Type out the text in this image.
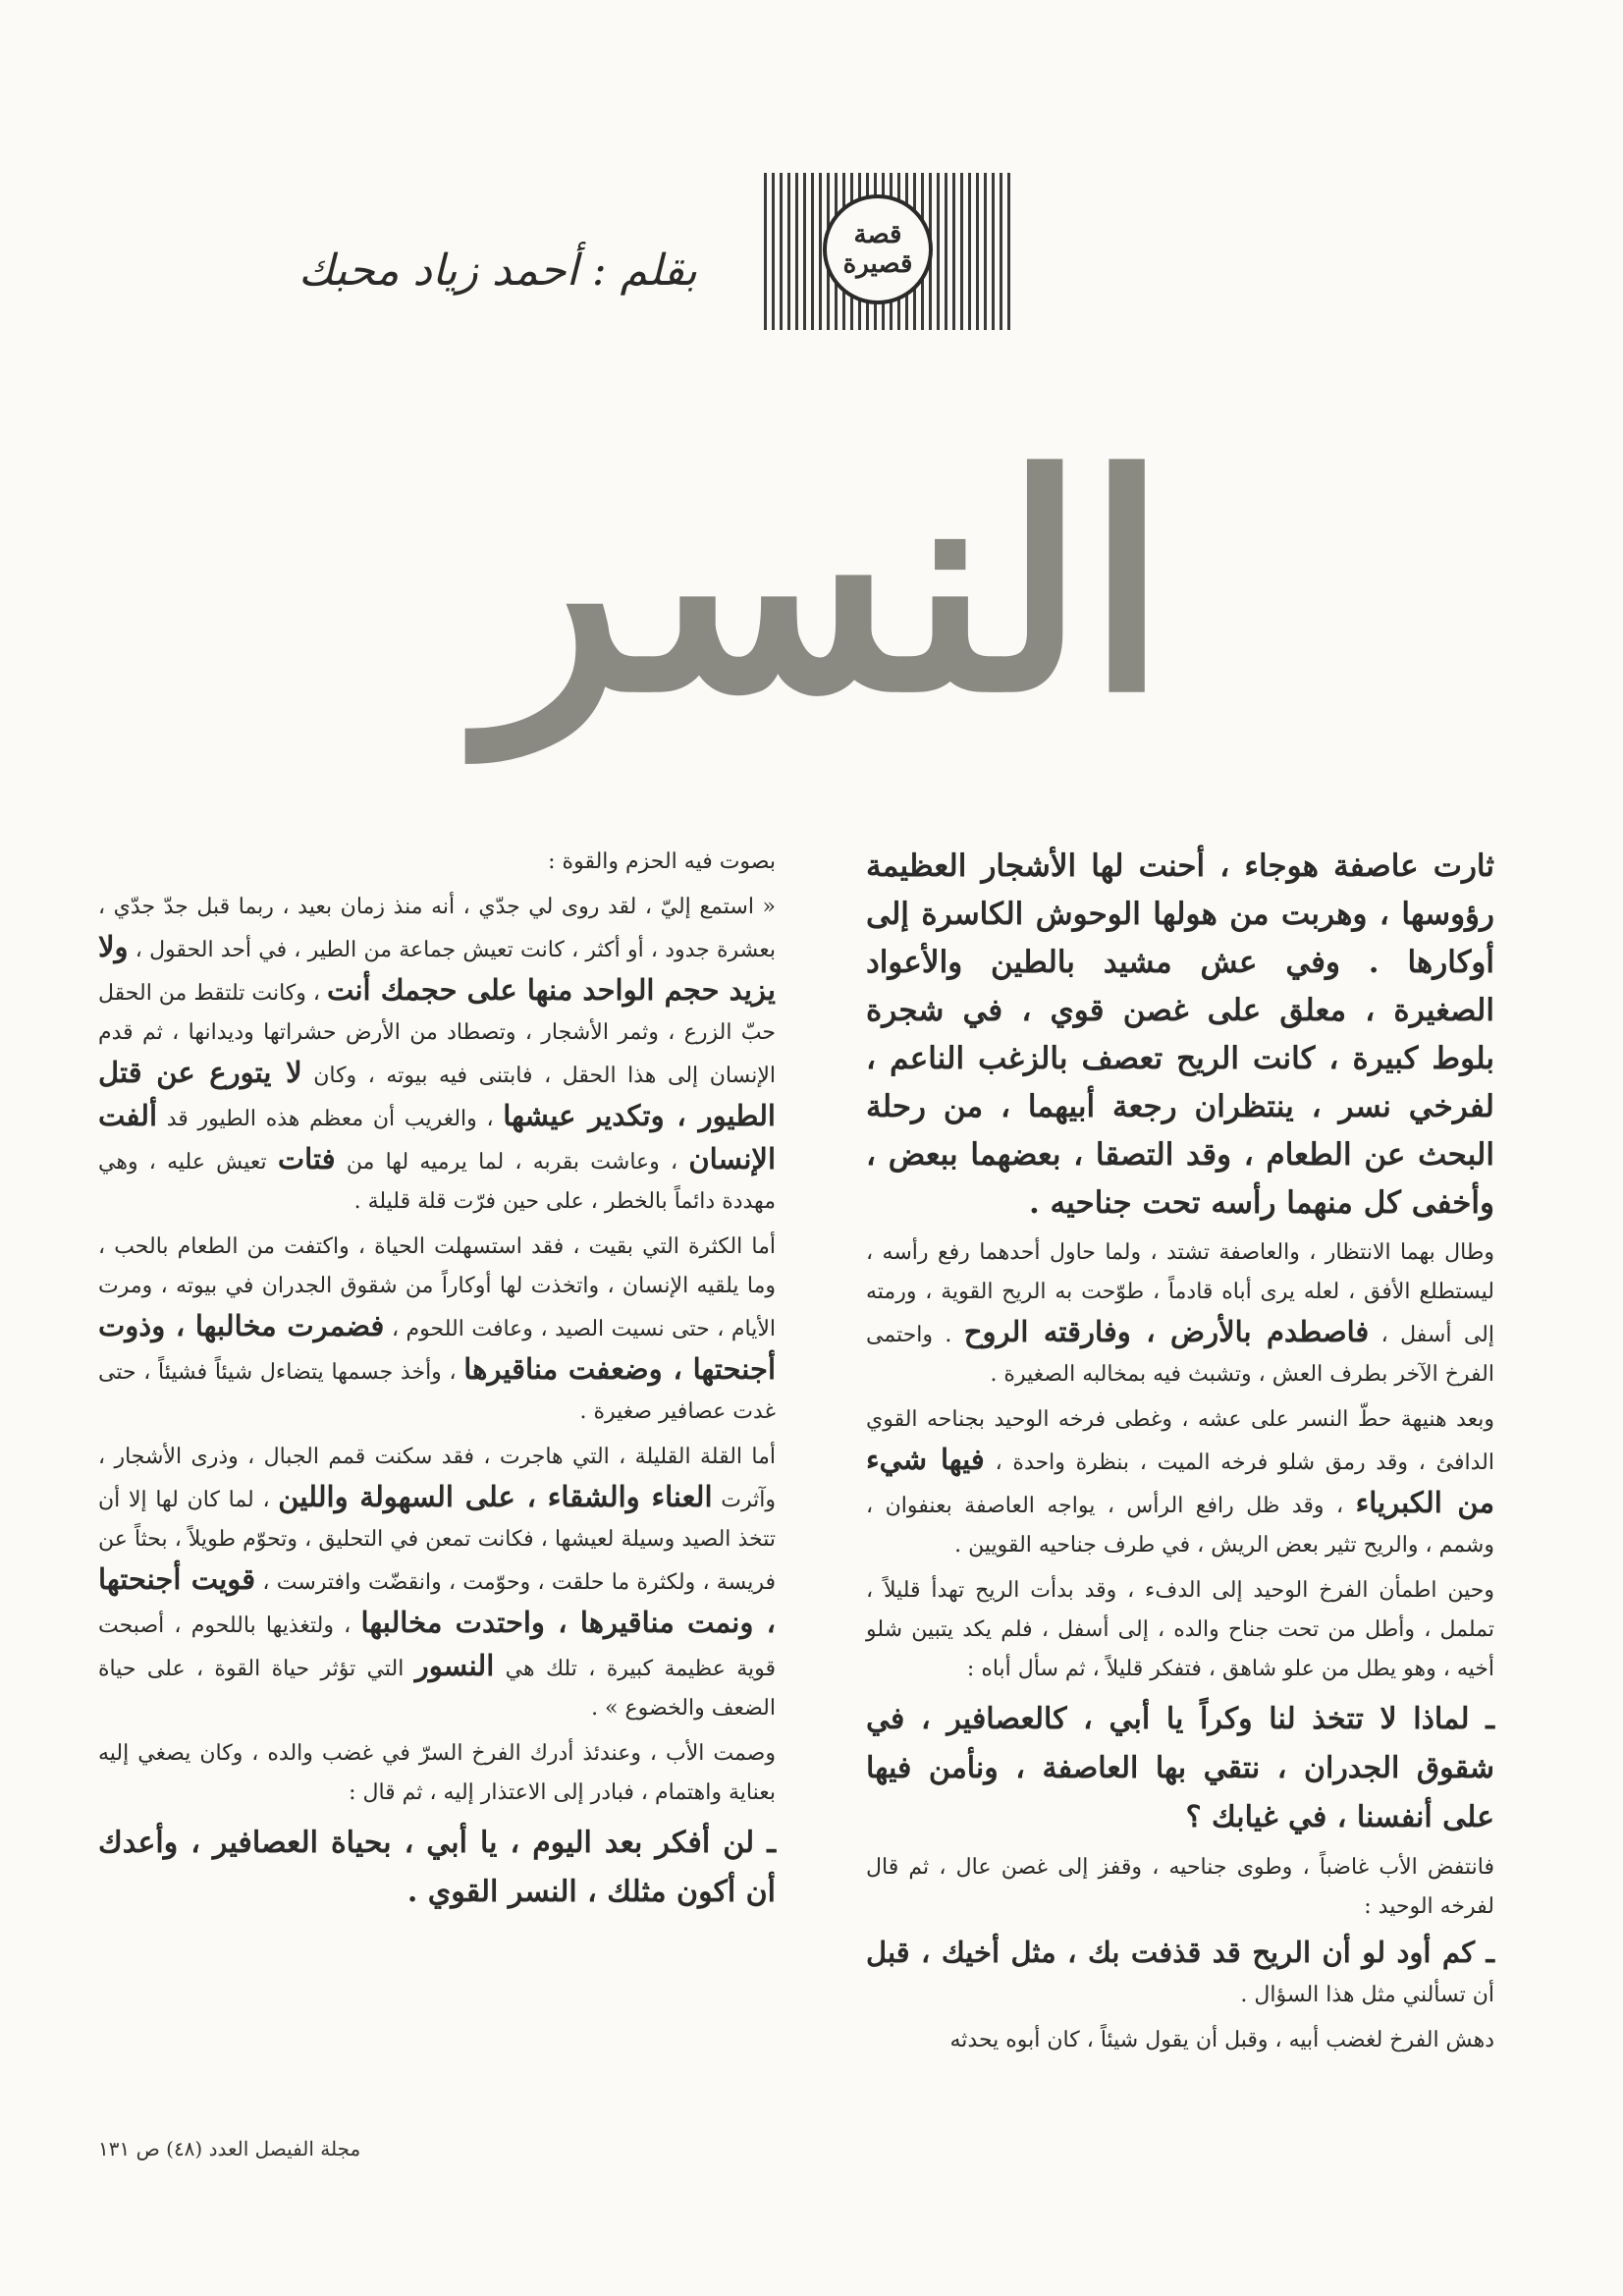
قصة
قصيرة
بقلم : أحمد زياد محبك
النسر

ثارت عاصفة هوجاء ، أحنت لها الأشجار العظيمة رؤوسها ، وهربت من هولها الوحوش الكاسرة إلى أوكارها . وفي عش مشيد بالطين والأعواد الصغيرة ، معلق على غصن قوي ، في شجرة بلوط كبيرة ، كانت الريح تعصف بالزغب الناعم ، لفرخي نسر ، ينتظران رجعة أبيهما ، من رحلة البحث عن الطعام ، وقد التصقا ، بعضهما ببعض ، وأخفى كل منهما رأسه تحت جناحيه .

وطال بهما الانتظار ، والعاصفة تشتد ، ولما حاول أحدهما رفع رأسه ، ليستطلع الأفق ، لعله يرى أباه قادماً ، طوّحت به الريح القوية ، ورمته إلى أسفل ، فاصطدم بالأرض ، وفارقته الروح . واحتمى الفرخ الآخر بطرف العش ، وتشبث فيه بمخالبه الصغيرة .

وبعد هنيهة حطّ النسر على عشه ، وغطى فرخه الوحيد بجناحه القوي الدافئ ، وقد رمق شلو فرخه الميت ، بنظرة واحدة ، فيها شيء من الكبرياء ، وقد ظل رافع الرأس ، يواجه العاصفة بعنفوان ، وشمم ، والريح تثير بعض الريش ، في طرف جناحيه القويين .

وحين اطمأن الفرخ الوحيد إلى الدفء ، وقد بدأت الريح تهدأ قليلاً ، تململ ، وأطل من تحت جناح والده ، إلى أسفل ، فلم يكد يتبين شلو أخيه ، وهو يطل من علو شاهق ، فتفكر قليلاً ، ثم سأل أباه :

ـ لماذا لا تتخذ لنا وكراً يا أبي ، كالعصافير ، في شقوق الجدران ، نتقي بها العاصفة ، ونأمن فيها على أنفسنا ، في غيابك ؟

فانتفض الأب غاضباً ، وطوى جناحيه ، وقفز إلى غصن عال ، ثم قال لفرخه الوحيد :

ـ كم أود لو أن الريح قد قذفت بك ، مثل أخيك ، قبل أن تسألني مثل هذا السؤال .

دهش الفرخ لغضب أبيه ، وقبل أن يقول شيئاً ، كان أبوه يحدثه

بصوت فيه الحزم والقوة :

« استمع إليّ ، لقد روى لي جدّي ، أنه منذ زمان بعيد ، ربما قبل جدّ جدّي ، بعشرة جدود ، أو أكثر ، كانت تعيش جماعة من الطير ، في أحد الحقول ، ولا يزيد حجم الواحد منها على حجمك أنت ، وكانت تلتقط من الحقل حبّ الزرع ، وثمر الأشجار ، وتصطاد من الأرض حشراتها وديدانها ، ثم قدم الإنسان إلى هذا الحقل ، فابتنى فيه بيوته ، وكان لا يتورع عن قتل الطيور ، وتكدير عيشها ، والغريب أن معظم هذه الطيور قد ألفت الإنسان ، وعاشت بقربه ، لما يرميه لها من فتات تعيش عليه ، وهي مهددة دائماً بالخطر ، على حين فرّت قلة قليلة .

أما الكثرة التي بقيت ، فقد استسهلت الحياة ، واكتفت من الطعام بالحب ، وما يلقيه الإنسان ، واتخذت لها أوكاراً من شقوق الجدران في بيوته ، ومرت الأيام ، حتى نسيت الصيد ، وعافت اللحوم ، فضمرت مخالبها ، وذوت أجنحتها ، وضعفت مناقيرها ، وأخذ جسمها يتضاءل شيئاً فشيئاً ، حتى غدت عصافير صغيرة .

أما القلة القليلة ، التي هاجرت ، فقد سكنت قمم الجبال ، وذرى الأشجار ، وآثرت العناء والشقاء ، على السهولة واللين ، لما كان لها إلا أن تتخذ الصيد وسيلة لعيشها ، فكانت تمعن في التحليق ، وتحوّم طويلاً ، بحثاً عن فريسة ، ولكثرة ما حلقت ، وحوّمت ، وانقضّت وافترست ، قويت أجنحتها ، ونمت مناقيرها ، واحتدت مخالبها ، ولتغذيها باللحوم ، أصبحت قوية عظيمة كبيرة ، تلك هي النسور التي تؤثر حياة القوة ، على حياة الضعف والخضوع » .

وصمت الأب ، وعندئذ أدرك الفرخ السرّ في غضب والده ، وكان يصغي إليه بعناية واهتمام ، فبادر إلى الاعتذار إليه ، ثم قال :

ـ لن أفكر بعد اليوم ، يا أبي ، بحياة العصافير ، وأعدك أن أكون مثلك ، النسر القوي .

مجلة الفيصل العدد (٤٨) ص ١٣١
